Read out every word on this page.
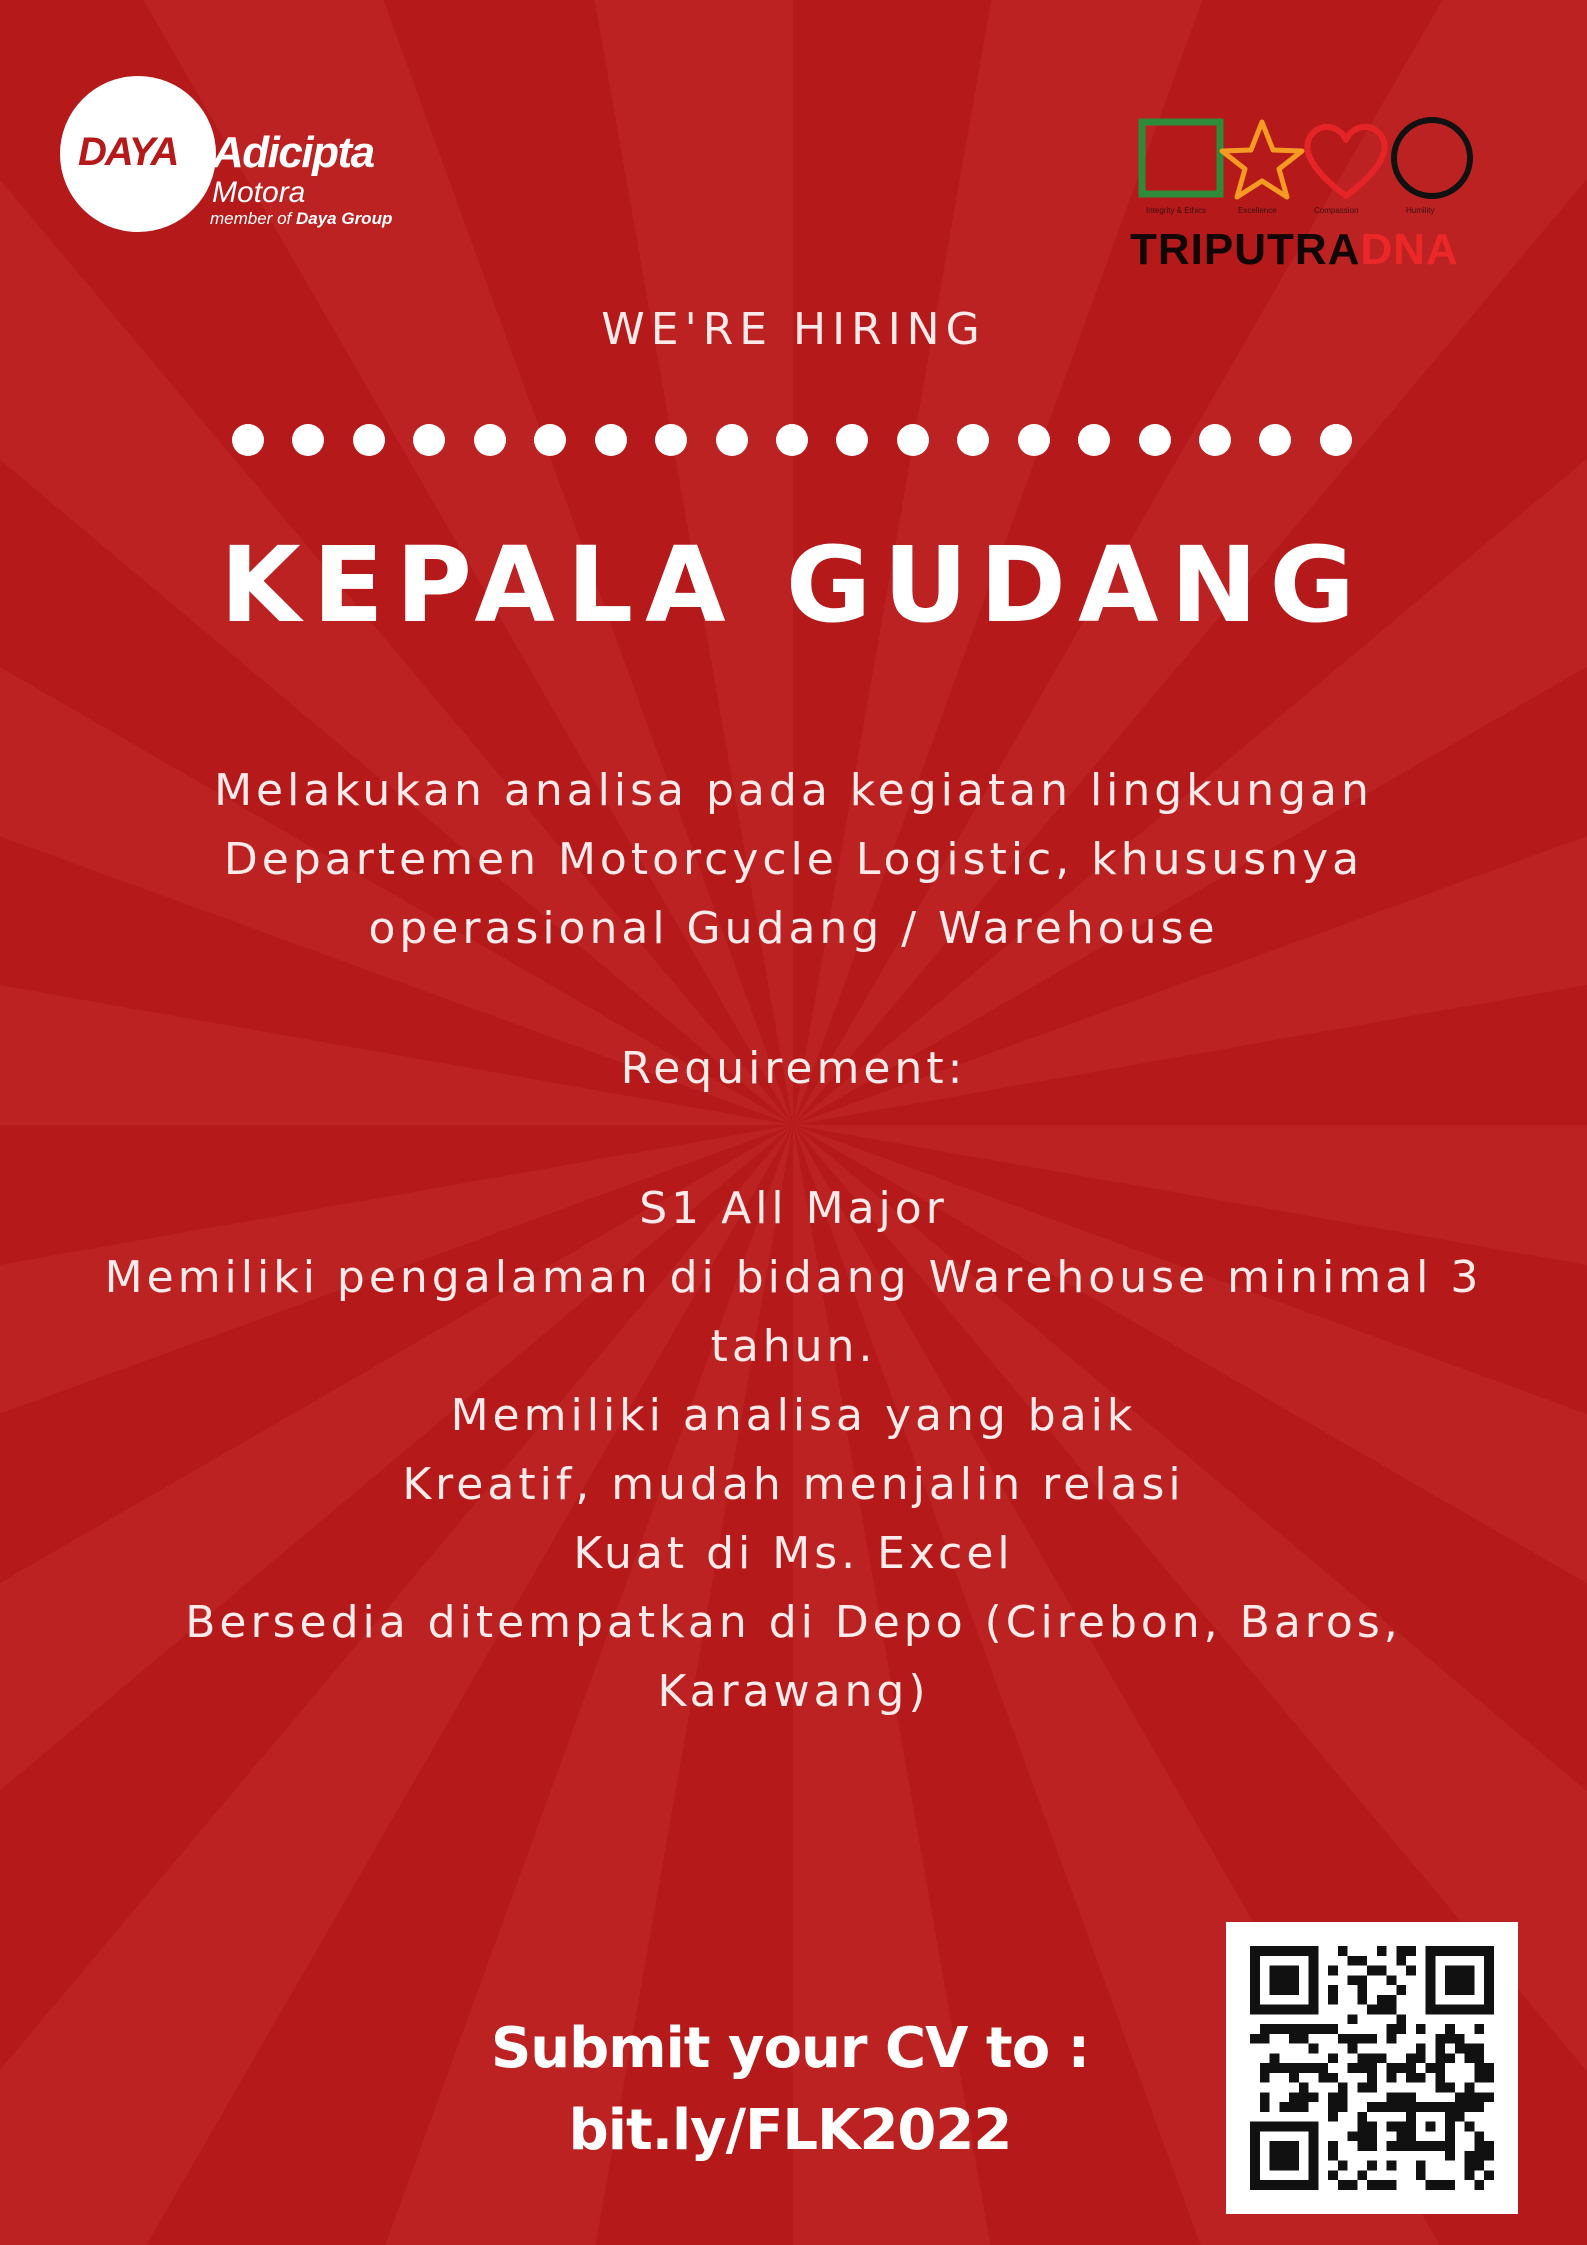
DAYA Adicipta
Motora
member of Daya Group	Integrity & Ethics	Excellence	Compassion	Humility
TRIPUTRADNA
WE'RE HIRING
KEPALA GUDANG
Melakukan analisa pada kegiatan lingkungan
Departemen Motorcycle Logistic, khususnya
operasional Gudang / Warehouse
Requirement:
S1 All Major
Memiliki pengalaman di bidang Warehouse minimal 3 tahun.
Memiliki analisa yang baik
Kreatif, mudah menjalin relasi
Kuat di Ms. Excel
Bersedia ditempatkan di Depo (Cirebon, Baros, Karawang)
Submit your CV to :
bit.ly/FLK2022
